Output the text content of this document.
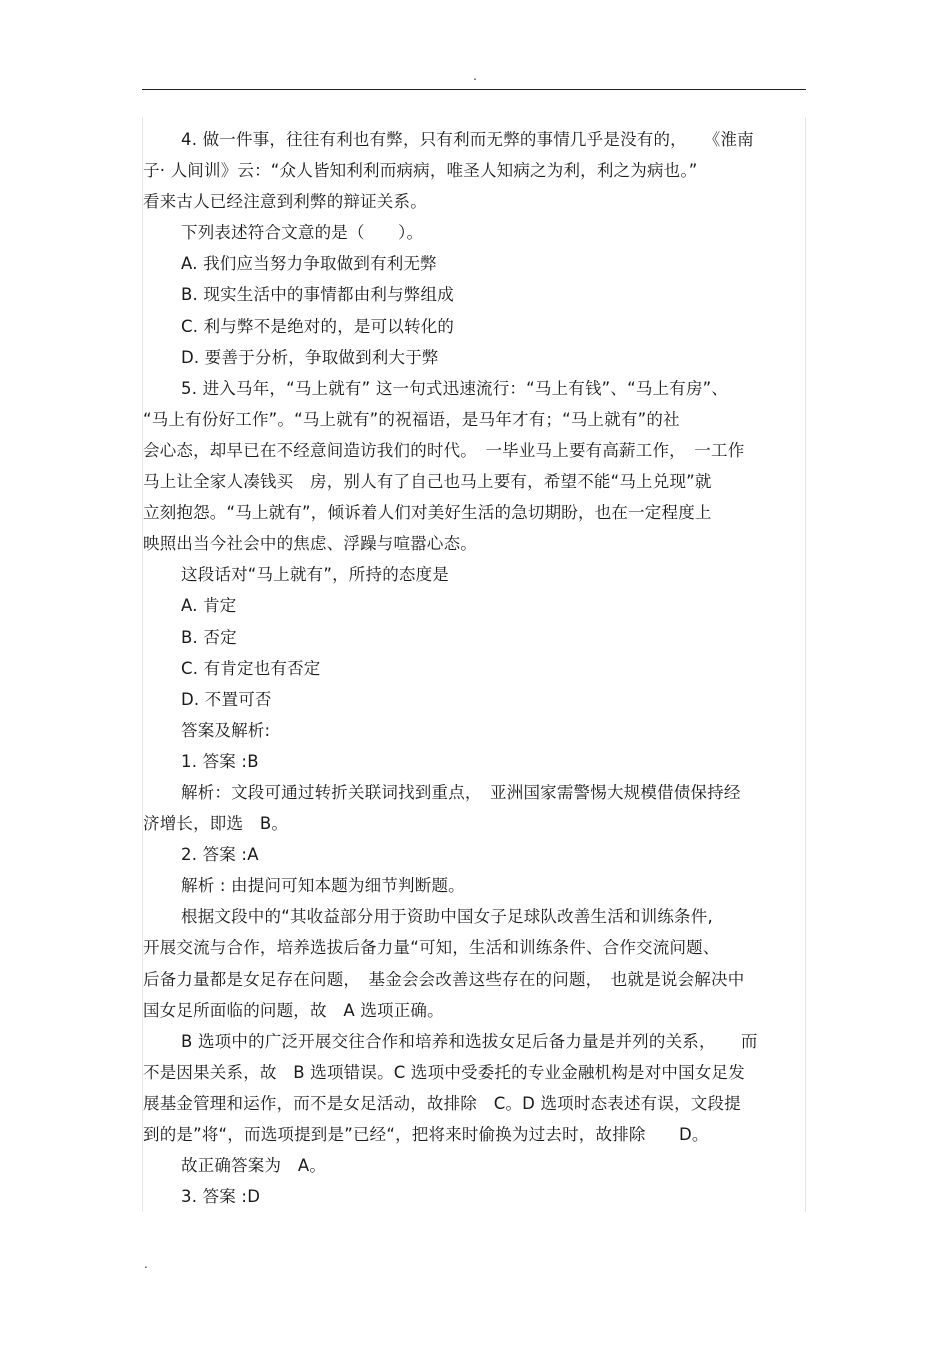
.
4. 做一件事，往往有利也有弊，只有利而无弊的事情几乎是没有的，　　《淮南
子· 人间训》云：“众人皆知利利而病病，唯圣人知病之为利，利之为病也。”
看来古人已经注意到利弊的辩证关系。
下列表述符合文意的是（　　）。
A. 我们应当努力争取做到有利无弊
B. 现实生活中的事情都由利与弊组成
C. 利与弊不是绝对的，是可以转化的
D. 要善于分析，争取做到利大于弊
5. 进入马年，“马上就有” 这一句式迅速流行：“马上有钱”、“马上有房”、
“马上有份好工作”。“马上就有”的祝福语，是马年才有；“马上就有”的社
会心态，却早已在不经意间造访我们的时代。　一毕业马上要有高薪工作，　一工作
马上让全家人凑钱买　房，别人有了自己也马上要有，希望不能“马上兑现”就
立刻抱怨。“马上就有”，倾诉着人们对美好生活的急切期盼，也在一定程度上
映照出当今社会中的焦虑、浮躁与喧嚣心态。
这段话对“马上就有”，所持的态度是
A. 肯定
B. 否定
C. 有肯定也有否定
D. 不置可否
答案及解析:
1. 答案 :B
解析：文段可通过转折关联词找到重点，　亚洲国家需警惕大规模借债保持经
济增长，即选　B。
2. 答案 :A
解析 : 由提问可知本题为细节判断题。
根据文段中的“其收益部分用于资助中国女子足球队改善生活和训练条件,
开展交流与合作，培养选拔后备力量“可知，生活和训练条件、合作交流问题、
后备力量都是女足存在问题，　基金会会改善这些存在的问题，　也就是说会解决中
国女足所面临的问题，故　A 选项正确。
B 选项中的广泛开展交往合作和培养和选拔女足后备力量是并列的关系，　　而
不是因果关系，故　B 选项错误。C 选项中受委托的专业金融机构是对中国女足发
展基金管理和运作，而不是女足活动，故排除　C。D 选项时态表述有误，文段提
到的是”将“，而选项提到是”已经“，把将来时偷换为过去时，故排除　　D。
故正确答案为　A。
3. 答案 :D
.
